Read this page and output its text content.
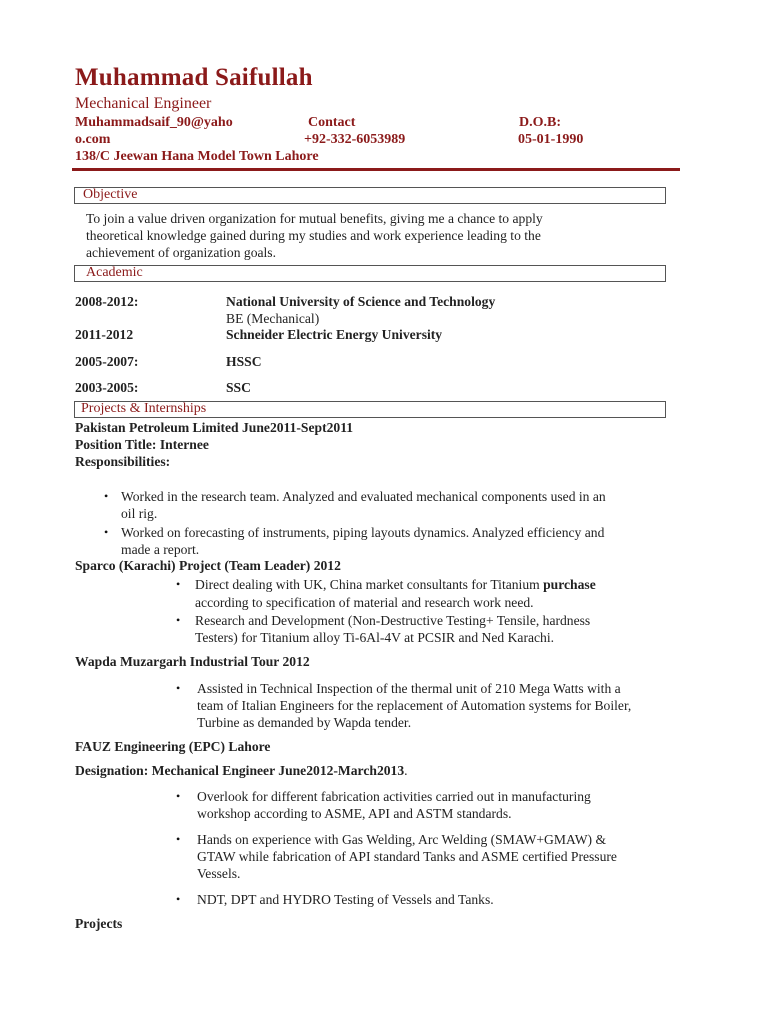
Muhammad Saifullah
Mechanical Engineer
Muhammadsaif_90@yaho
o.com
Contact
+92-332-6053989
D.O.B:
05-01-1990
138/C Jeewan Hana Model Town Lahore
Objective
To join a value driven organization for mutual benefits, giving me a chance to apply
theoretical knowledge gained during my studies and work experience leading to the
achievement of organization goals.
Academic
2008-2012:	National University of Science and Technology
BE (Mechanical)
2011-2012	Schneider Electric Energy University
2005-2007:	HSSC
2003-2005:	SSC
Projects & Internships
Pakistan Petroleum Limited June2011-Sept2011
Position Title: Internee
Responsibilities:
• Worked in the research team. Analyzed and evaluated mechanical components used in an
oil rig.
• Worked on forecasting of instruments, piping layouts dynamics. Analyzed efficiency and
made a report.
Sparco (Karachi) Project (Team Leader) 2012
• Direct dealing with UK, China market consultants for Titanium purchase
according to specification of material and research work need.
• Research and Development (Non-Destructive Testing+ Tensile, hardness
Testers) for Titanium alloy Ti-6Al-4V at PCSIR and Ned Karachi.
Wapda Muzargarh Industrial Tour 2012
• Assisted in Technical Inspection of the thermal unit of 210 Mega Watts with a
team of Italian Engineers for the replacement of Automation systems for Boiler,
Turbine as demanded by Wapda tender.
FAUZ Engineering (EPC) Lahore
Designation: Mechanical Engineer June2012-March2013.
• Overlook for different fabrication activities carried out in manufacturing
workshop according to ASME, API and ASTM standards.
• Hands on experience with Gas Welding, Arc Welding (SMAW+GMAW) &
GTAW while fabrication of API standard Tanks and ASME certified Pressure
Vessels.
• NDT, DPT and HYDRO Testing of Vessels and Tanks.
Projects
